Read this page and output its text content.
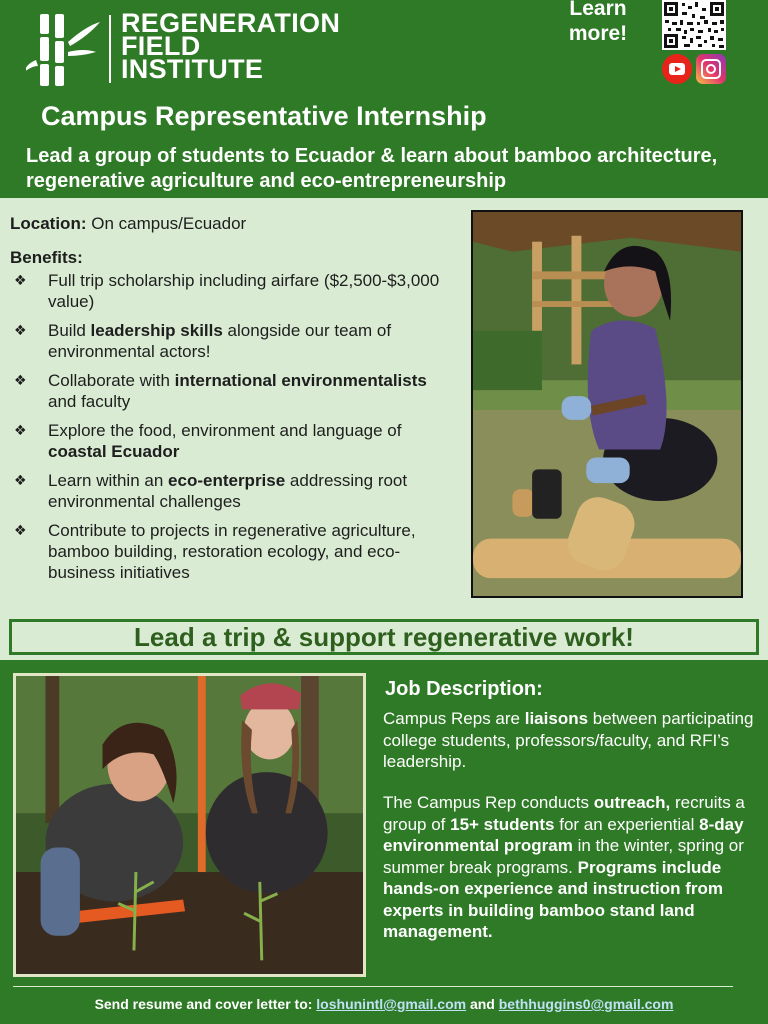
REGENERATION
FIELD
INSTITUTE
Learn more!
Campus Representative Internship
Lead a group of students to Ecuador & learn about bamboo architecture, regenerative agriculture and eco-entrepreneurship
Location: On campus/Ecuador
Benefits:
❖ Full trip scholarship including airfare ($2,500-$3,000 value)
❖ Build leadership skills alongside our team of environmental actors!
❖ Collaborate with international environmentalists and faculty
❖ Explore the food, environment and language of coastal Ecuador
❖ Learn within an eco-enterprise addressing root environmental challenges
❖ Contribute to projects in regenerative agriculture, bamboo building, restoration ecology, and eco-business initiatives
Lead a trip & support regenerative work!
Job Description:

Campus Reps are liaisons between participating college students, professors/faculty, and RFI’s leadership.

The Campus Rep conducts outreach, recruits a group of 15+ students for an experiential 8-day environmental program in the winter, spring or summer break programs. Programs include hands-on experience and instruction from experts in building bamboo stand land management.

Send resume and cover letter to: loshunintl@gmail.com and bethhuggins0@gmail.com
